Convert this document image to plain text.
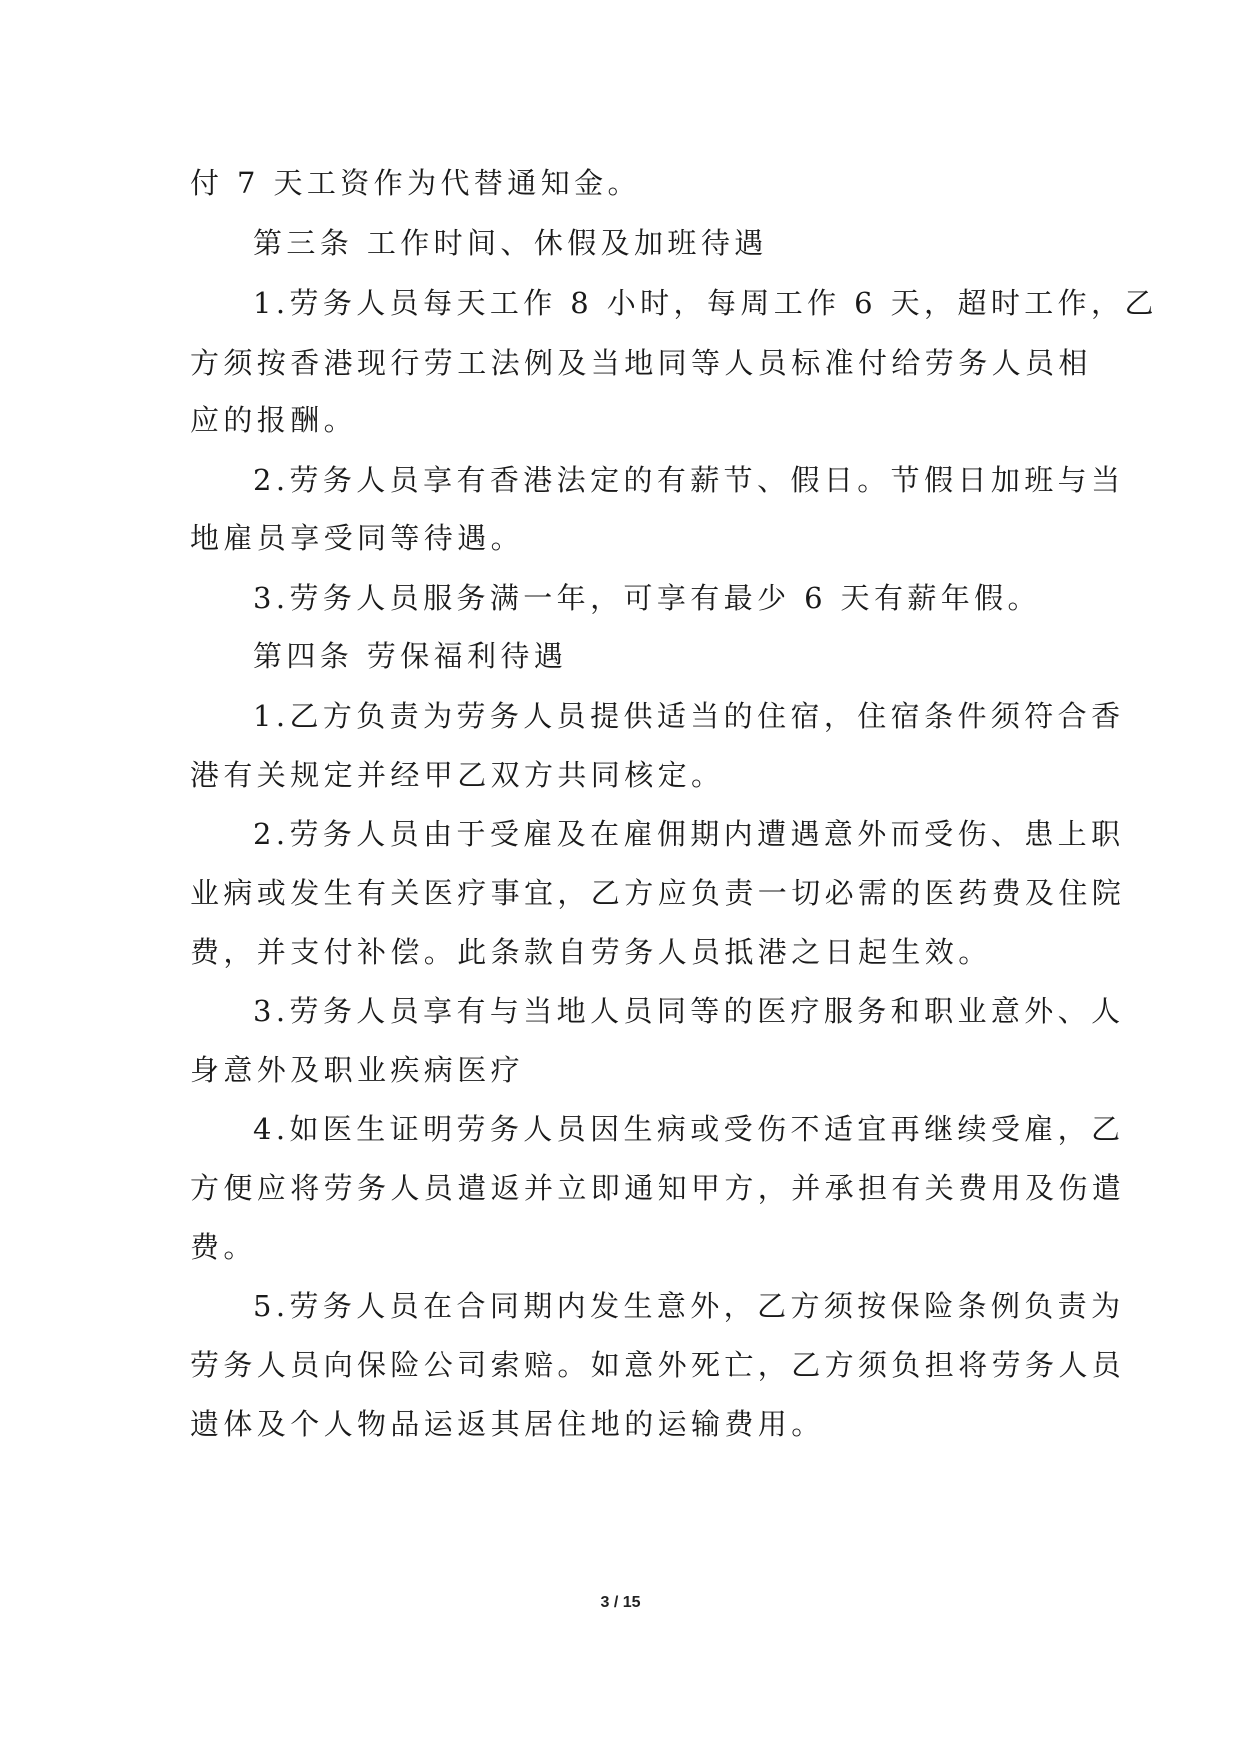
付 7 天工资作为代替通知金。
第三条 工作时间、休假及加班待遇
1.劳务人员每天工作 8 小时，每周工作 6 天，超时工作，乙
方须按香港现行劳工法例及当地同等人员标准付给劳务人员相
应的报酬。
2.劳务人员享有香港法定的有薪节、假日。节假日加班与当
地雇员享受同等待遇。
3.劳务人员服务满一年，可享有最少 6 天有薪年假。
第四条 劳保福利待遇
1.乙方负责为劳务人员提供适当的住宿，住宿条件须符合香
港有关规定并经甲乙双方共同核定。
2.劳务人员由于受雇及在雇佣期内遭遇意外而受伤、患上职
业病或发生有关医疗事宜，乙方应负责一切必需的医药费及住院
费，并支付补偿。此条款自劳务人员抵港之日起生效。
3.劳务人员享有与当地人员同等的医疗服务和职业意外、人
身意外及职业疾病医疗
4.如医生证明劳务人员因生病或受伤不适宜再继续受雇，乙
方便应将劳务人员遣返并立即通知甲方，并承担有关费用及伤遣
费。
5.劳务人员在合同期内发生意外，乙方须按保险条例负责为
劳务人员向保险公司索赔。如意外死亡，乙方须负担将劳务人员
遗体及个人物品运返其居住地的运输费用。
3 / 15
